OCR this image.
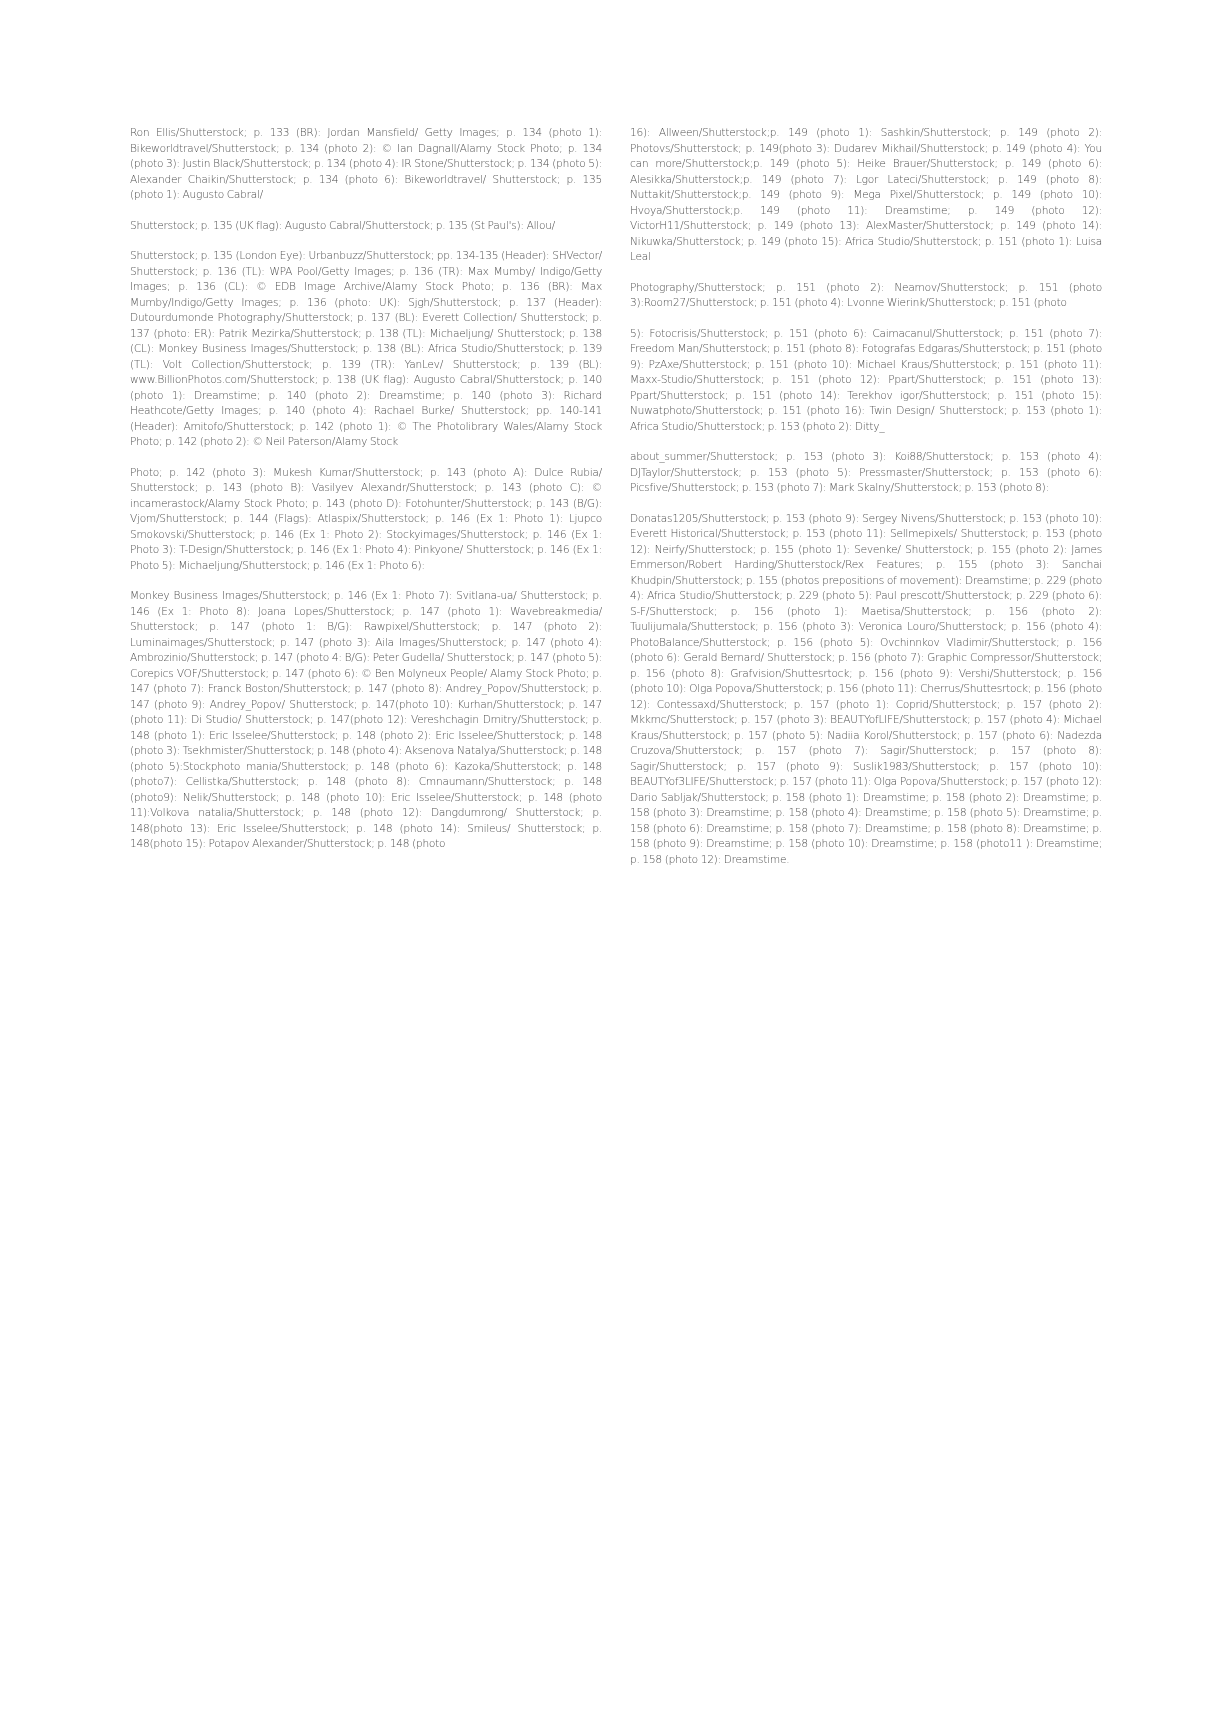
Ron Ellis/Shutterstock; p. 133 (BR): Jordan Mansfield/ Getty Images; p. 134 (photo 1): Bikeworldtravel/Shutterstock; p. 134 (photo 2): © Ian Dagnall/Alamy Stock Photo; p. 134 (photo 3): Justin Black/Shutterstock; p. 134 (photo 4): IR Stone/Shutterstock; p. 134 (photo 5): Alexander Chaikin/Shutterstock; p. 134 (photo 6): Bikeworldtravel/ Shutterstock; p. 135 (photo 1): Augusto Cabral/

Shutterstock; p. 135 (UK flag): Augusto Cabral/Shutterstock; p. 135 (St Paul's): Allou/

Shutterstock; p. 135 (London Eye): Urbanbuzz/Shutterstock; pp. 134-135 (Header): SHVector/ Shutterstock; p. 136 (TL): WPA Pool/Getty Images; p. 136 (TR): Max Mumby/ Indigo/Getty Images; p. 136 (CL): © EDB Image Archive/Alamy Stock Photo; p. 136 (BR): Max Mumby/Indigo/Getty Images; p. 136 (photo: UK): Sjgh/Shutterstock; p. 137 (Header): Dutourdumonde Photography/Shutterstock; p. 137 (BL): Everett Collection/ Shutterstock; p. 137 (photo: ER): Patrik Mezirka/Shutterstock; p. 138 (TL): Michaeljung/ Shutterstock; p. 138 (CL): Monkey Business Images/Shutterstock; p. 138 (BL): Africa Studio/Shutterstock; p. 139 (TL): Volt Collection/Shutterstock; p. 139 (TR): YanLev/ Shutterstock; p. 139 (BL): www.BillionPhotos.com/Shutterstock; p. 138 (UK flag): Augusto Cabral/Shutterstock; p. 140 (photo 1): Dreamstime; p. 140 (photo 2): Dreamstime; p. 140 (photo 3): Richard Heathcote/Getty Images; p. 140 (photo 4): Rachael Burke/ Shutterstock; pp. 140-141 (Header): Amitofo/Shutterstock; p. 142 (photo 1): © The Photolibrary Wales/Alamy Stock Photo; p. 142 (photo 2): © Neil Paterson/Alamy Stock

Photo; p. 142 (photo 3): Mukesh Kumar/Shutterstock; p. 143 (photo A): Dulce Rubia/ Shutterstock; p. 143 (photo B): Vasilyev Alexandr/Shutterstock; p. 143 (photo C): © incamerastock/Alamy Stock Photo; p. 143 (photo D): Fotohunter/Shutterstock; p. 143 (B/G): Vjom/Shutterstock; p. 144 (Flags): Atlaspix/Shutterstock; p. 146 (Ex 1: Photo 1): Ljupco Smokovski/Shutterstock; p. 146 (Ex 1: Photo 2): Stockyimages/Shutterstock; p. 146 (Ex 1: Photo 3): T-Design/Shutterstock; p. 146 (Ex 1: Photo 4): Pinkyone/ Shutterstock; p. 146 (Ex 1: Photo 5): Michaeljung/Shutterstock; p. 146 (Ex 1: Photo 6):

Monkey Business Images/Shutterstock; p. 146 (Ex 1: Photo 7): Svitlana-ua/ Shutterstock; p. 146 (Ex 1: Photo 8): Joana Lopes/Shutterstock; p. 147 (photo 1): Wavebreakmedia/ Shutterstock; p. 147 (photo 1: B/G): Rawpixel/Shutterstock; p. 147 (photo 2): Luminaimages/Shutterstock; p. 147 (photo 3): Aila Images/Shutterstock; p. 147 (photo 4): Ambrozinio/Shutterstock; p. 147 (photo 4: B/G): Peter Gudella/ Shutterstock; p. 147 (photo 5): Corepics VOF/Shutterstock; p. 147 (photo 6): © Ben Molyneux People/ Alamy Stock Photo; p. 147 (photo 7): Franck Boston/Shutterstock; p. 147 (photo 8): Andrey_Popov/Shutterstock; p. 147 (photo 9): Andrey_Popov/ Shutterstock; p. 147(photo 10): Kurhan/Shutterstock; p. 147 (photo 11): Di Studio/ Shutterstock; p. 147(photo 12): Vereshchagin Dmitry/Shutterstock; p. 148 (photo 1): Eric Isselee/Shutterstock; p. 148 (photo 2): Eric Isselee/Shutterstock; p. 148 (photo 3): Tsekhmister/Shutterstock; p. 148 (photo 4): Aksenova Natalya/Shutterstock; p. 148 (photo 5):Stockphoto mania/Shutterstock; p. 148 (photo 6): Kazoka/Shutterstock; p. 148 (photo7): Cellistka/Shutterstock; p. 148 (photo 8): Cmnaumann/Shutterstock; p. 148 (photo9): Nelik/Shutterstock; p. 148 (photo 10): Eric Isselee/Shutterstock; p. 148 (photo 11):Volkova natalia/Shutterstock; p. 148 (photo 12): Dangdumrong/ Shutterstock; p. 148(photo 13): Eric Isselee/Shutterstock; p. 148 (photo 14): Smileus/ Shutterstock; p. 148(photo 15): Potapov Alexander/Shutterstock; p. 148 (photo

16): Allween/Shutterstock;p. 149 (photo 1): Sashkin/Shutterstock; p. 149 (photo 2): Photovs/Shutterstock; p. 149(photo 3): Dudarev Mikhail/Shutterstock; p. 149 (photo 4): You can more/Shutterstock;p. 149 (photo 5): Heike Brauer/Shutterstock; p. 149 (photo 6): Alesikka/Shutterstock;p. 149 (photo 7): Lgor Lateci/Shutterstock; p. 149 (photo 8): Nuttakit/Shutterstock;p. 149 (photo 9): Mega Pixel/Shutterstock; p. 149 (photo 10): Hvoya/Shutterstock;p. 149 (photo 11): Dreamstime; p. 149 (photo 12): VictorH11/Shutterstock; p. 149 (photo 13): AlexMaster/Shutterstock; p. 149 (photo 14): Nikuwka/Shutterstock; p. 149 (photo 15): Africa Studio/Shutterstock; p. 151 (photo 1): Luisa Leal

Photography/Shutterstock; p. 151 (photo 2): Neamov/Shutterstock; p. 151 (photo 3):Room27/Shutterstock; p. 151 (photo 4): Lvonne Wierink/Shutterstock; p. 151 (photo

5): Fotocrisis/Shutterstock; p. 151 (photo 6): Caimacanul/Shutterstock; p. 151 (photo 7): Freedom Man/Shutterstock; p. 151 (photo 8): Fotografas Edgaras/Shutterstock; p. 151 (photo 9): PzAxe/Shutterstock; p. 151 (photo 10): Michael Kraus/Shutterstock; p. 151 (photo 11): Maxx-Studio/Shutterstock; p. 151 (photo 12): Ppart/Shutterstock; p. 151 (photo 13): Ppart/Shutterstock; p. 151 (photo 14): Terekhov igor/Shutterstock; p. 151 (photo 15): Nuwatphoto/Shutterstock; p. 151 (photo 16): Twin Design/ Shutterstock; p. 153 (photo 1): Africa Studio/Shutterstock; p. 153 (photo 2): Ditty_

about_summer/Shutterstock; p. 153 (photo 3): Koi88/Shutterstock; p. 153 (photo 4): DJTaylor/Shutterstock; p. 153 (photo 5): Pressmaster/Shutterstock; p. 153 (photo 6): Picsfive/Shutterstock; p. 153 (photo 7): Mark Skalny/Shutterstock; p. 153 (photo 8):

Donatas1205/Shutterstock; p. 153 (photo 9): Sergey Nivens/Shutterstock; p. 153 (photo 10): Everett Historical/Shutterstock; p. 153 (photo 11): Sellmepixels/ Shutterstock; p. 153 (photo 12): Neirfy/Shutterstock; p. 155 (photo 1): Sevenke/ Shutterstock; p. 155 (photo 2): James Emmerson/Robert Harding/Shutterstock/Rex Features; p. 155 (photo 3): Sanchai Khudpin/Shutterstock; p. 155 (photos prepositions of movement): Dreamstime; p. 229 (photo 4): Africa Studio/Shutterstock; p. 229 (photo 5): Paul prescott/Shutterstock; p. 229 (photo 6): S-F/Shutterstock; p. 156 (photo 1): Maetisa/Shutterstock; p. 156 (photo 2): Tuulijumala/Shutterstock; p. 156 (photo 3): Veronica Louro/Shutterstock; p. 156 (photo 4): PhotoBalance/Shutterstock; p. 156 (photo 5): Ovchinnkov Vladimir/Shutterstock; p. 156 (photo 6): Gerald Bernard/ Shutterstock; p. 156 (photo 7): Graphic Compressor/Shutterstock; p. 156 (photo 8): Grafvision/Shuttesrtock; p. 156 (photo 9): Vershi/Shutterstock; p. 156 (photo 10): Olga Popova/Shutterstock; p. 156 (photo 11): Cherrus/Shuttesrtock; p. 156 (photo 12): Contessaxd/Shutterstock; p. 157 (photo 1): Coprid/Shutterstock; p. 157 (photo 2): Mkkmc/Shutterstock; p. 157 (photo 3): BEAUTYofLIFE/Shutterstock; p. 157 (photo 4): Michael Kraus/Shutterstock; p. 157 (photo 5): Nadiia Korol/Shutterstock; p. 157 (photo 6): Nadezda Cruzova/Shutterstock; p. 157 (photo 7): Sagir/Shutterstock; p. 157 (photo 8): Sagir/Shutterstock; p. 157 (photo 9): Suslik1983/Shutterstock; p. 157 (photo 10): BEAUTYof3LIFE/Shutterstock; p. 157 (photo 11): Olga Popova/Shutterstock; p. 157 (photo 12): Dario Sabljak/Shutterstock; p. 158 (photo 1): Dreamstime; p. 158 (photo 2): Dreamstime; p. 158 (photo 3): Dreamstime; p. 158 (photo 4): Dreamstime; p. 158 (photo 5): Dreamstime; p. 158 (photo 6): Dreamstime; p. 158 (photo 7): Dreamstime; p. 158 (photo 8): Dreamstime; p. 158 (photo 9): Dreamstime; p. 158 (photo 10): Dreamstime; p. 158 (photo11 ): Dreamstime; p. 158 (photo 12): Dreamstime.
